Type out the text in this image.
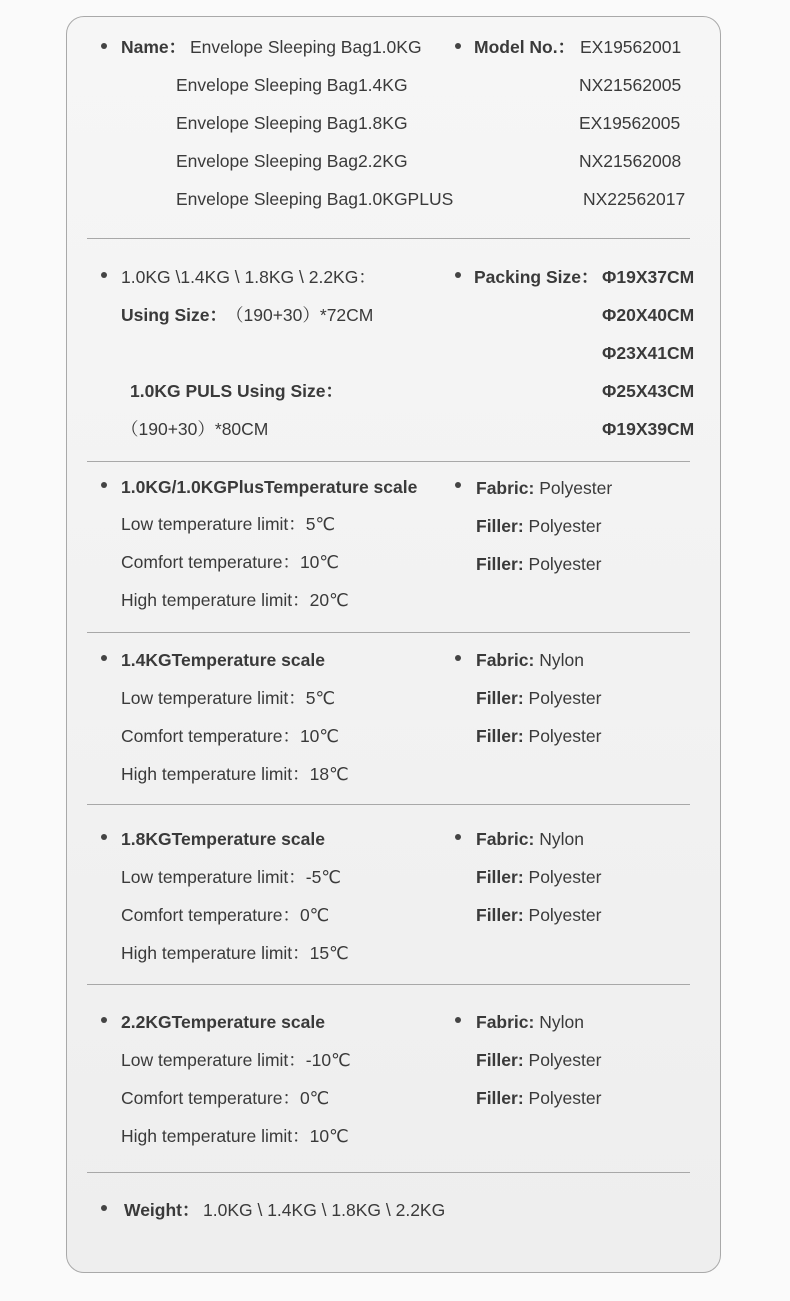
Name： Envelope Sleeping Bag1.0KG
Envelope Sleeping Bag1.4KG
Envelope Sleeping Bag1.8KG
Envelope Sleeping Bag2.2KG
Envelope Sleeping Bag1.0KGPLUS
Model No.： EX19562001
NX21562005
EX19562005
NX21562008
NX22562017
1.0KG \1.4KG \ 1.8KG \ 2.2KG：
Using Size： （190+30）*72CM
1.0KG PULS Using Size：
（190+30）*80CM
Packing Size： Φ19X37CM
Φ20X40CM
Φ23X41CM
Φ25X43CM
Φ19X39CM
1.0KG/1.0KGPlusTemperature scale
Low temperature limit：5℃
Comfort temperature：10℃
High temperature limit：20℃
Fabric: Polyester
Filler: Polyester
Filler: Polyester
1.4KGTemperature scale
Low temperature limit：5℃
Comfort temperature：10℃
High temperature limit：18℃
Fabric: Nylon
Filler: Polyester
Filler: Polyester
1.8KGTemperature scale
Low temperature limit：-5℃
Comfort temperature：0℃
High temperature limit：15℃
Fabric: Nylon
Filler: Polyester
Filler: Polyester
2.2KGTemperature scale
Low temperature limit：-10℃
Comfort temperature：0℃
High temperature limit：10℃
Fabric: Nylon
Filler: Polyester
Filler: Polyester
Weight： 1.0KG \ 1.4KG \ 1.8KG \ 2.2KG
